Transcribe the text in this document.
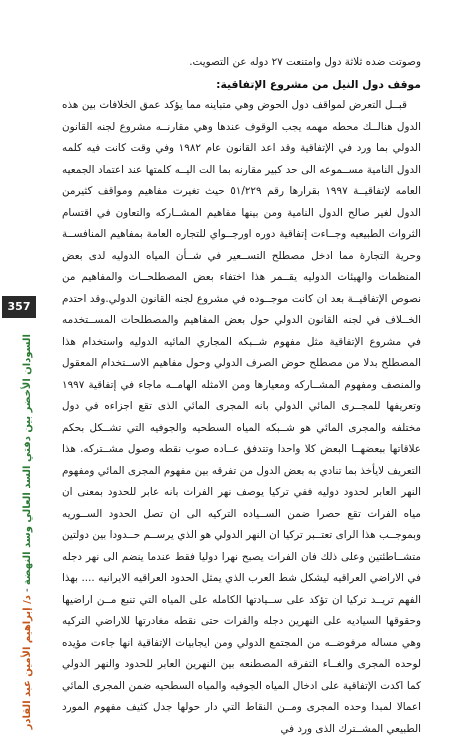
357
السودان الأخضر بين دفتي السد العالي وسد النهضة - د/ إبراهيم الأمين عبد القادر

وصوتت ضده ثلاثة دول وامتنعت ٢٧ دوله عن التصويت.

موقف دول النيل من مشروع الإتفاقية:

قبــل التعرض لمواقف دول الحوض وهي متباينه مما يؤكد عمق الخلافات بين هذه الدول هنالــك محطه مهمه يجب الوقوف عندها وهي مقارنــه مشروع لجنه القانون الدولي بما ورد في الإتفاقية وقد اعد القانون عام ١٩٨٢ وفي وقت كانت فيه كلمه الدول النامية مســموعه الى حد كبير مقارنه بما الت اليــه كلمتها عند اعتماد الجمعيه العامه لإتفاقيــة ١٩٩٧ بقرارها رقم ٥١/٢٢٩ حيث تغيرت مفاهيم ومواقف كثيرمن الدول لغير صالح الدول النامية ومن بينها مفاهيم المشــاركه والتعاون في اقتسام الثروات الطبيعيه وجــاءت إتفاقية دوره اورجــواي للتجاره العامة بمفاهيم المنافســة وحرية التجارة مما ادخل مصطلح التســعير في شــأن المياه الدوليه لدى بعض المنظمات والهيئات الدوليه يقــمر هذا اختفاء بعض المصطلحــات والمفاهيم من نصوص الإتفاقيــة بعد ان كانت موجــوده في مشروع لجنه القانون الدولي.وقد احتدم الخــلاف في لجنه القانون الدولي حول بعض المفاهيم والمصطلحات المســتخدمه في مشروع الإتفاقية مثل مفهوم شــبكه المجاري المائيه الدوليه واستخدام هذا المصطلح بدلا من مصطلح حوض الصرف الدولي وحول مفاهيم الاســتخدام المعقول والمنصف ومفهوم المشــاركه ومعيارها ومن الامثله الهامــه ماجاء في إتفاقية ١٩٩٧ وتعريفها للمجــرى المائي الدولي بانه المجرى المائي الذى تقع اجزاءه في دول مختلفه والمجرى المائي هو شــبكه المياه السطحيه والجوفيه التي تشــكل بحكم علاقاتها ببعضهــا البعض كلا واحدا وتتدفق عــاده صوب نقطه وصول مشــتركه. هذا التعريف لايأخذ بما تنادي به بعض الدول من تفرقه بين مفهوم المجرى المائي ومفهوم النهر العابر لحدود دوليه ففي تركيا يوصف نهر الفرات بانه عابر للحدود بمعنى ان مياه الفرات تقع حصرا ضمن الســياده التركيه الى ان تصل الحدود الســوريه وبموجــب هذا الراى تعتــبر تركيا ان النهر الدولي هو الذي يرســم حــدودا بين دولتين متشــاطئتين وعلى ذلك فان الفرات يصبح نهرا دوليا فقط عندما ينضم الى نهر دجله في الاراضي العراقيه ليشكل شط العرب الذي يمثل الحدود العراقيه الايرانيه .... بهذا الفهم تريــد تركيا ان تؤكد على ســيادتها الكامله على المياه التي تنبع مــن اراضيها وحقوقها السياديه على النهرين دجله والفرات حتى نقطه مغادرتها للاراضي التركيه وهي مساله مرفوضــه من المجتمع الدولي ومن ايجابيات الإتفاقية انها جاءت مؤيده لوحده المجرى والغــاء التفرقه المصطنعه بين النهرين العابر للحدود والنهر الدولي كما اكدت الإتفاقية على ادخال المياه الجوفيه والمياه السطحيه ضمن المجرى المائي اعمالا لمبدا وحده المجرى ومــن النقاط التي دار حولها جدل كثيف مفهوم المورد الطبيعي المشــترك الذى ورد في
